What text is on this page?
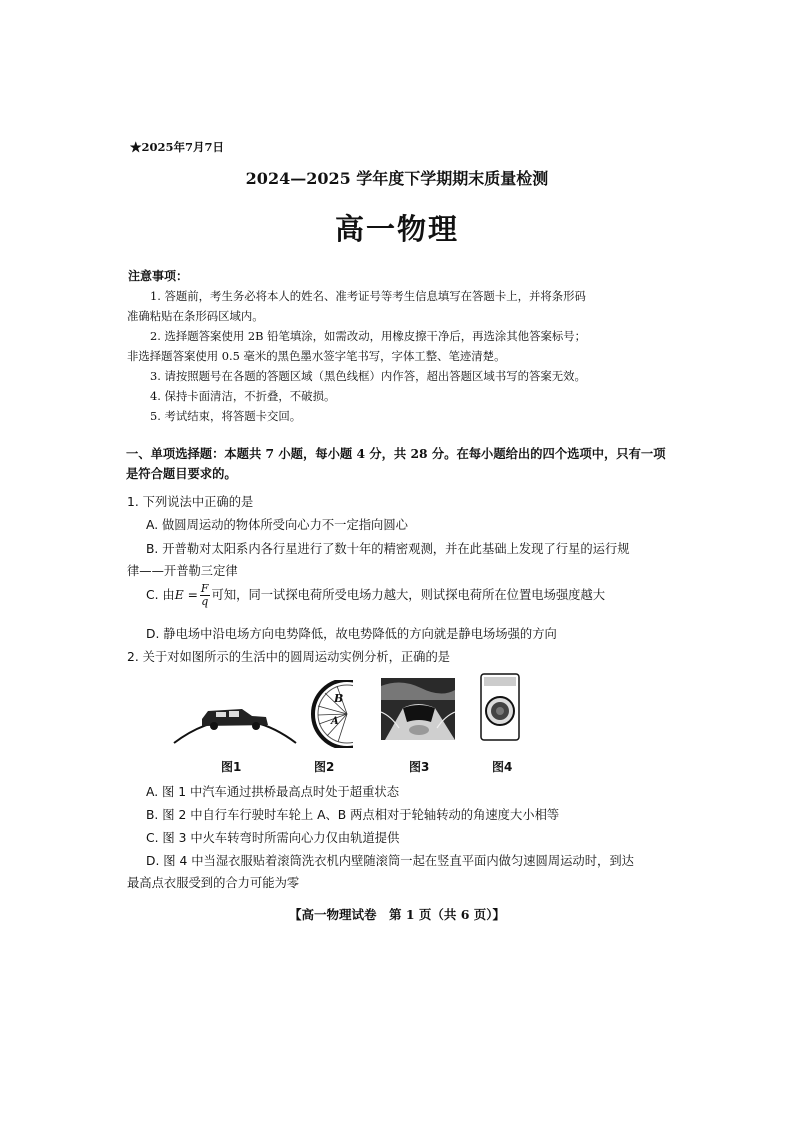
★2025年7月7日
2024—2025 学年度下学期期末质量检测
高一物理
注意事项：
1. 答题前，考生务必将本人的姓名、准考证号等考生信息填写在答题卡上，并将条形码
准确粘贴在条形码区域内。
2. 选择题答案使用 2B 铅笔填涂，如需改动，用橡皮擦干净后，再选涂其他答案标号；
非选择题答案使用 0.5 毫米的黑色墨水签字笔书写，字体工整、笔迹清楚。
3. 请按照题号在各题的答题区域（黑色线框）内作答，超出答题区域书写的答案无效。
4. 保持卡面清洁，不折叠，不破损。
5. 考试结束，将答题卡交回。
一、单项选择题：本题共 7 小题，每小题 4 分，共 28 分。在每小题给出的四个选项中，只有一项是符合题目要求的。
1. 下列说法中正确的是
A. 做圆周运动的物体所受向心力不一定指向圆心
B. 开普勒对太阳系内各行星进行了数十年的精密观测，并在此基础上发现了行星的运行规
律——开普勒三定律
C. 由$E = \frac{F}{q}$ 可知，同一试探电荷所受电场力越大，则试探电荷所在位置电场强度越大
D. 静电场中沿电场方向电势降低，故电势降低的方向就是静电场场强的方向
2. 关于对如图所示的生活中的圆周运动实例分析，正确的是
B
A
图1	图2	图3	图4
A. 图 1 中汽车通过拱桥最高点时处于超重状态
B. 图 2 中自行车行驶时车轮上 A、B 两点相对于轮轴转动的角速度大小相等
C. 图 3 中火车转弯时所需向心力仅由轨道提供
D. 图 4 中当湿衣服贴着滚筒洗衣机内壁随滚筒一起在竖直平面内做匀速圆周运动时，到达
最高点衣服受到的合力可能为零
【高一物理试卷　第 1 页（共 6 页）】
